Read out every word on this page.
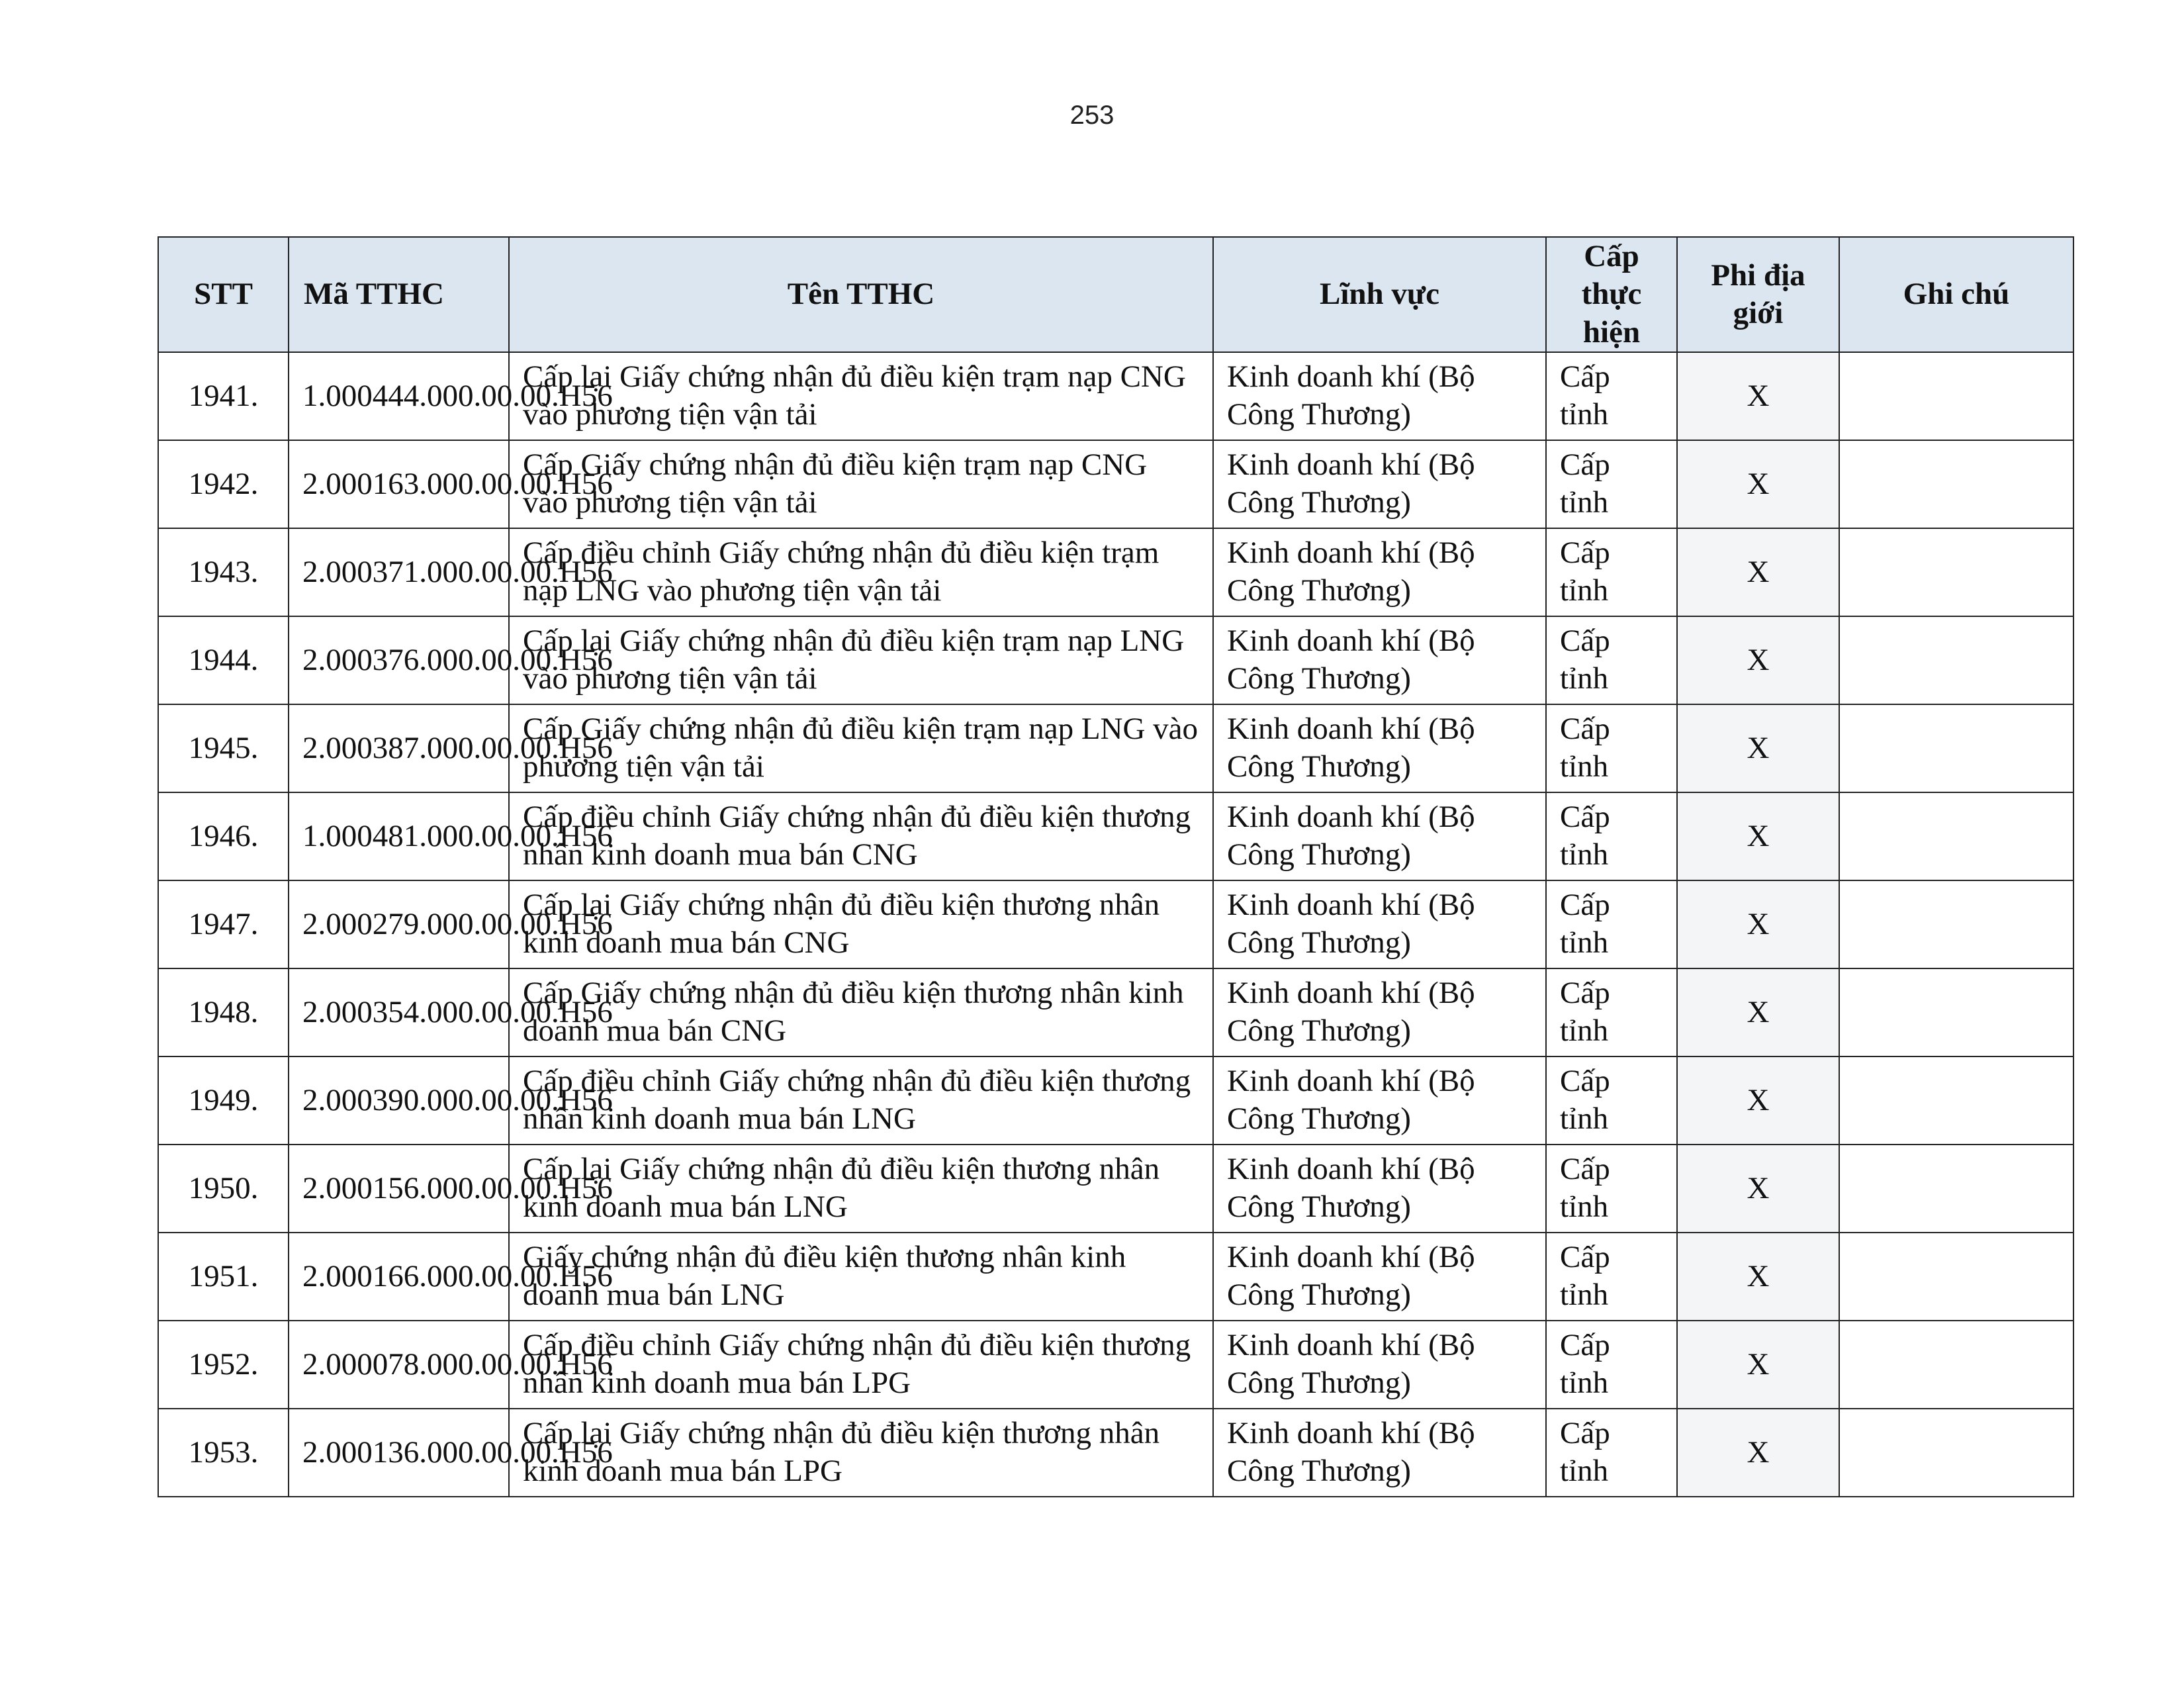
253
STT	Mã TTHC	Tên TTHC	Lĩnh vực	Cấp thực hiện	Phi địa giới	Ghi chú
1941.	1.000444.000.00.00.H56	Cấp lại Giấy chứng nhận đủ điều kiện trạm nạp CNG vào phương tiện vận tải	Kinh doanh khí (Bộ Công Thương)	Cấp tỉnh	X	
1942.	2.000163.000.00.00.H56	Cấp Giấy chứng nhận đủ điều kiện trạm nạp CNG vào phương tiện vận tải	Kinh doanh khí (Bộ Công Thương)	Cấp tỉnh	X	
1943.	2.000371.000.00.00.H56	Cấp điều chỉnh Giấy chứng nhận đủ điều kiện trạm nạp LNG vào phương tiện vận tải	Kinh doanh khí (Bộ Công Thương)	Cấp tỉnh	X	
1944.	2.000376.000.00.00.H56	Cấp lại Giấy chứng nhận đủ điều kiện trạm nạp LNG vào phương tiện vận tải	Kinh doanh khí (Bộ Công Thương)	Cấp tỉnh	X	
1945.	2.000387.000.00.00.H56	Cấp Giấy chứng nhận đủ điều kiện trạm nạp LNG vào phương tiện vận tải	Kinh doanh khí (Bộ Công Thương)	Cấp tỉnh	X	
1946.	1.000481.000.00.00.H56	Cấp điều chỉnh Giấy chứng nhận đủ điều kiện thương nhân kinh doanh mua bán CNG	Kinh doanh khí (Bộ Công Thương)	Cấp tỉnh	X	
1947.	2.000279.000.00.00.H56	Cấp lại Giấy chứng nhận đủ điều kiện thương nhân kinh doanh mua bán CNG	Kinh doanh khí (Bộ Công Thương)	Cấp tỉnh	X	
1948.	2.000354.000.00.00.H56	Cấp Giấy chứng nhận đủ điều kiện thương nhân kinh doanh mua bán CNG	Kinh doanh khí (Bộ Công Thương)	Cấp tỉnh	X	
1949.	2.000390.000.00.00.H56	Cấp điều chỉnh Giấy chứng nhận đủ điều kiện thương nhân kinh doanh mua bán LNG	Kinh doanh khí (Bộ Công Thương)	Cấp tỉnh	X	
1950.	2.000156.000.00.00.H56	Cấp lại Giấy chứng nhận đủ điều kiện thương nhân kinh doanh mua bán LNG	Kinh doanh khí (Bộ Công Thương)	Cấp tỉnh	X	
1951.	2.000166.000.00.00.H56	Giấy chứng nhận đủ điều kiện thương nhân kinh doanh mua bán LNG	Kinh doanh khí (Bộ Công Thương)	Cấp tỉnh	X	
1952.	2.000078.000.00.00.H56	Cấp điều chỉnh Giấy chứng nhận đủ điều kiện thương nhân kinh doanh mua bán LPG	Kinh doanh khí (Bộ Công Thương)	Cấp tỉnh	X	
1953.	2.000136.000.00.00.H56	Cấp lại Giấy chứng nhận đủ điều kiện thương nhân kinh doanh mua bán LPG	Kinh doanh khí (Bộ Công Thương)	Cấp tỉnh	X	
